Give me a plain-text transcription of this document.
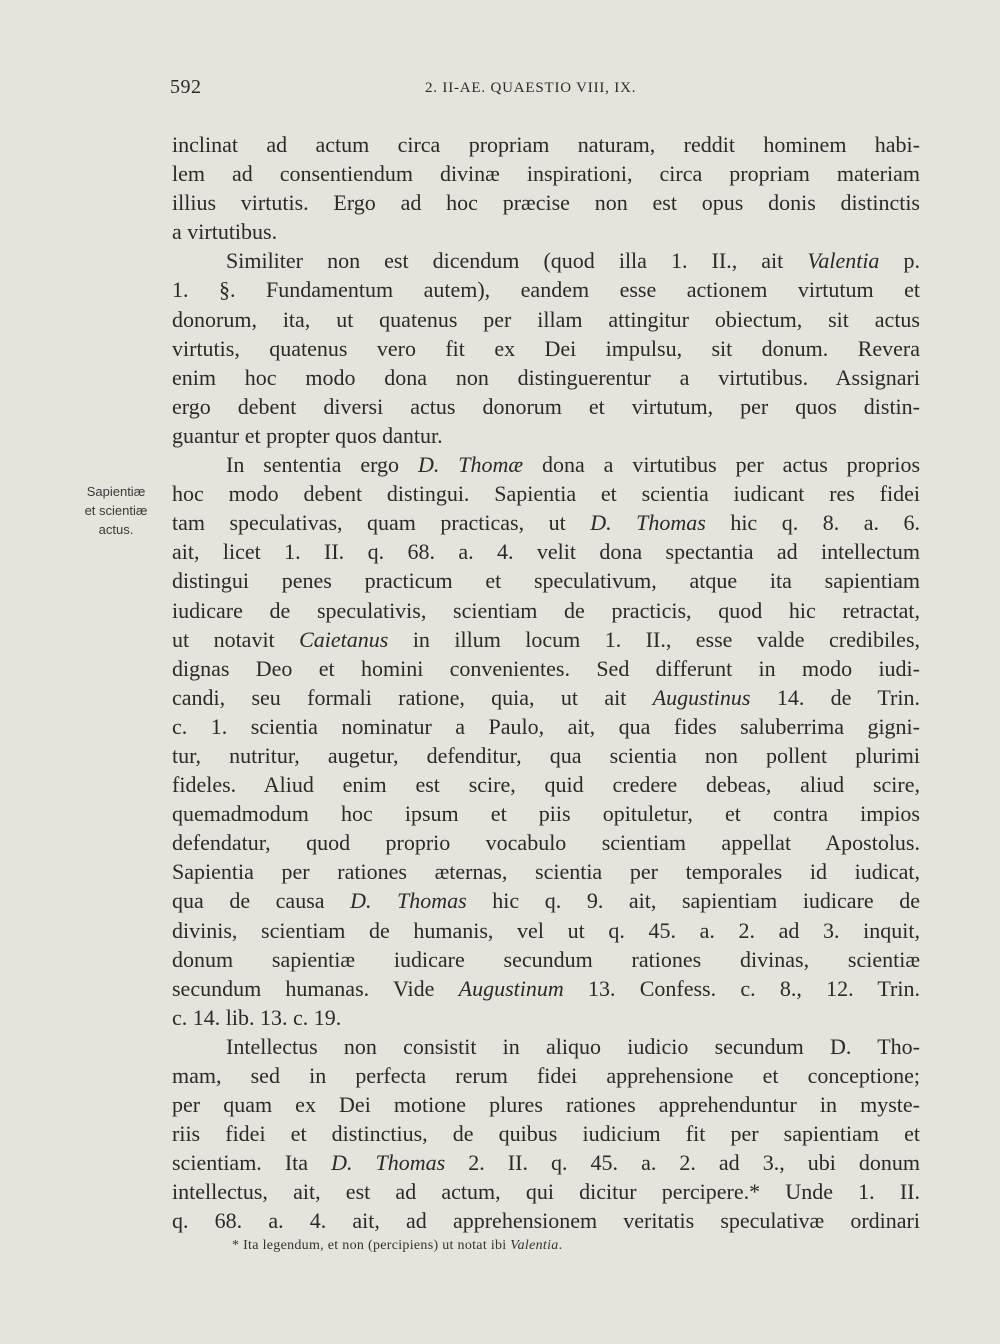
592	2. II-AE. QUAESTIO VIII, IX.
Sapientiæ
et scientiæ
actus.
inclinat ad actum circa propriam naturam, reddit hominem habi-
lem ad consentiendum divinæ inspirationi, circa propriam materiam
illius virtutis. Ergo ad hoc præcise non est opus donis distinctis
a virtutibus.
Similiter non est dicendum (quod illa 1. II., ait Valentia p.
1. §. Fundamentum autem), eandem esse actionem virtutum et
donorum, ita, ut quatenus per illam attingitur obiectum, sit actus
virtutis, quatenus vero fit ex Dei impulsu, sit donum. Revera
enim hoc modo dona non distinguerentur a virtutibus. Assignari
ergo debent diversi actus donorum et virtutum, per quos distin-
guantur et propter quos dantur.
In sententia ergo D. Thomæ dona a virtutibus per actus proprios
hoc modo debent distingui. Sapientia et scientia iudicant res fidei
tam speculativas, quam practicas, ut D. Thomas hic q. 8. a. 6.
ait, licet 1. II. q. 68. a. 4. velit dona spectantia ad intellectum
distingui penes practicum et speculativum, atque ita sapientiam
iudicare de speculativis, scientiam de practicis, quod hic retractat,
ut notavit Caietanus in illum locum 1. II., esse valde credibiles,
dignas Deo et homini convenientes. Sed differunt in modo iudi-
candi, seu formali ratione, quia, ut ait Augustinus 14. de Trin.
c. 1. scientia nominatur a Paulo, ait, qua fides saluberrima gigni-
tur, nutritur, augetur, defenditur, qua scientia non pollent plurimi
fideles. Aliud enim est scire, quid credere debeas, aliud scire,
quemadmodum hoc ipsum et piis opituletur, et contra impios
defendatur, quod proprio vocabulo scientiam appellat Apostolus.
Sapientia per rationes æternas, scientia per temporales id iudicat,
qua de causa D. Thomas hic q. 9. ait, sapientiam iudicare de
divinis, scientiam de humanis, vel ut q. 45. a. 2. ad 3. inquit,
donum sapientiæ iudicare secundum rationes divinas, scientiæ
secundum humanas. Vide Augustinum 13. Confess. c. 8., 12. Trin.
c. 14. lib. 13. c. 19.
Intellectus non consistit in aliquo iudicio secundum D. Tho-
mam, sed in perfecta rerum fidei apprehensione et conceptione;
per quam ex Dei motione plures rationes apprehenduntur in myste-
riis fidei et distinctius, de quibus iudicium fit per sapientiam et
scientiam. Ita D. Thomas 2. II. q. 45. a. 2. ad 3., ubi donum
intellectus, ait, est ad actum, qui dicitur percipere.* Unde 1. II.
q. 68. a. 4. ait, ad apprehensionem veritatis speculativæ ordinari
* Ita legendum, et non (percipiens) ut notat ibi Valentia.
